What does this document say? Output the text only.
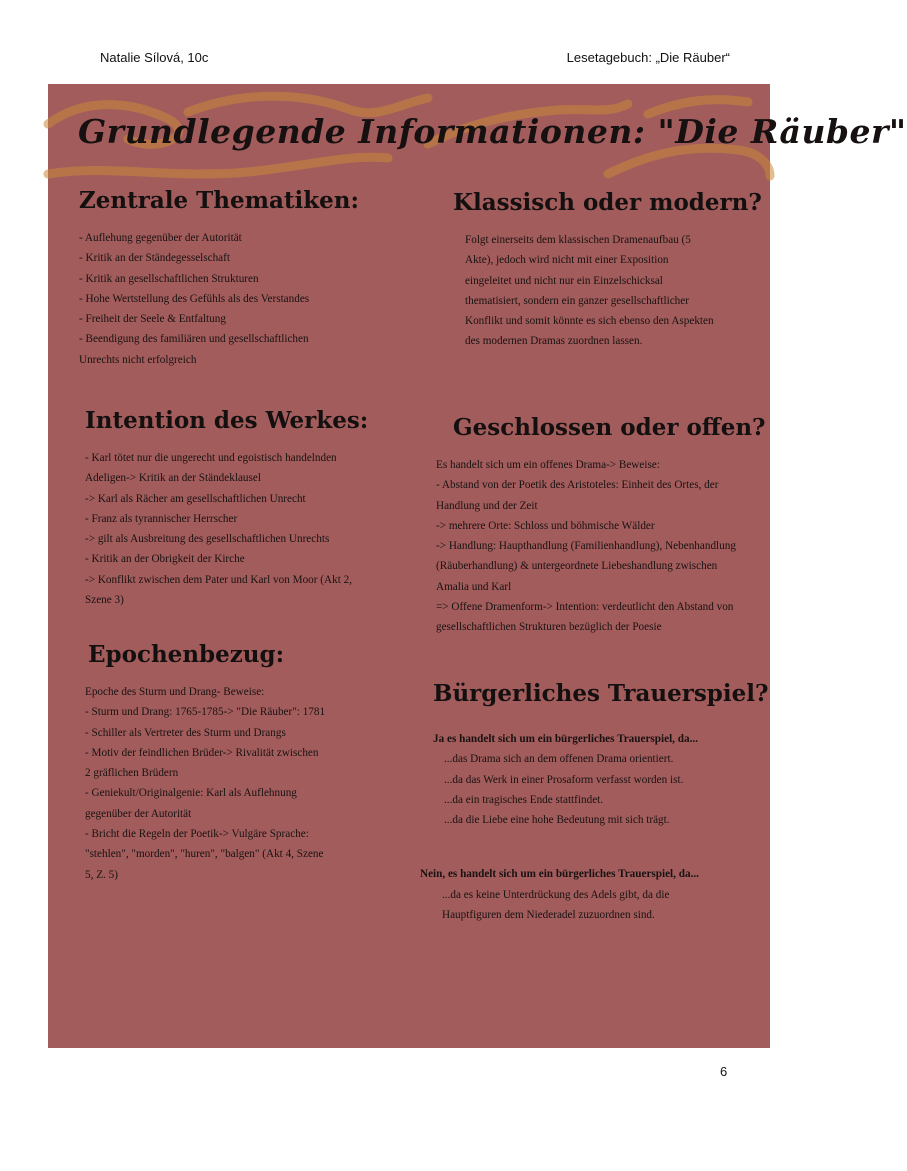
Natalie Sílová, 10c	Lesetagebuch: „Die Räuber“
Grundlegende Informationen: "Die Räuber"
Zentrale Thematiken:

- Auflehung gegenüber der Autorität

- Kritik an der Ständegesselschaft

- Kritik an gesellschaftlichen Strukturen

- Hohe Wertstellung des Gefühls als des Verstandes

- Freiheit der Seele & Entfaltung

- Beendigung des familiären und gesellschaftlichen

Unrechts nicht erfolgreich

Klassisch oder modern?

Folgt einerseits dem klassischen Dramenaufbau (5

Akte), jedoch wird nicht mit einer Exposition

eingeleitet und nicht nur ein Einzelschicksal

thematisiert, sondern ein ganzer gesellschaftlicher

Konflikt und somit könnte es sich ebenso den Aspekten

des modernen Dramas zuordnen lassen.

Intention des Werkes:

- Karl tötet nur die ungerecht und egoistisch handelnden

Adeligen-> Kritik an der Ständeklausel

-> Karl als Rächer am gesellschaftlichen Unrecht

- Franz als tyrannischer Herrscher

-> gilt als Ausbreitung des gesellschaftlichen Unrechts

- Kritik an der Obrigkeit der Kirche

-> Konflikt zwischen dem Pater und Karl von Moor (Akt 2,

Szene 3)

Geschlossen oder offen?

Es handelt sich um ein offenes Drama-> Beweise:

- Abstand von der Poetik des Aristoteles: Einheit des Ortes, der

Handlung und der Zeit

-> mehrere Orte: Schloss und böhmische Wälder

-> Handlung: Haupthandlung (Familienhandlung), Nebenhandlung

(Räuberhandlung) & untergeordnete Liebeshandlung zwischen

Amalia und Karl

=> Offene Dramenform-> Intention: verdeutlicht den Abstand von

gesellschaftlichen Strukturen bezüglich der Poesie

Epochenbezug:

Epoche des Sturm und Drang- Beweise:

- Sturm und Drang: 1765-1785-> "Die Räuber": 1781

- Schiller als Vertreter des Sturm und Drangs

- Motiv der feindlichen Brüder-> Rivalität zwischen

2 gräflichen Brüdern

- Geniekult/Originalgenie: Karl als Auflehnung

gegenüber der Autorität

- Bricht die Regeln der Poetik-> Vulgäre Sprache:

"stehlen", "morden", "huren", "balgen" (Akt 4, Szene

5, Z. 5)

Bürgerliches Trauerspiel?

Ja es handelt sich um ein bürgerliches Trauerspiel, da...

...das Drama sich an dem offenen Drama orientiert.

...da das Werk in einer Prosaform verfasst worden ist.

...da ein tragisches Ende stattfindet.

...da die Liebe eine hohe Bedeutung mit sich trägt.

Nein, es handelt sich um ein bürgerliches Trauerspiel, da...

...da es keine Unterdrückung des Adels gibt, da die

Hauptfiguren dem Niederadel zuzuordnen sind.

6
